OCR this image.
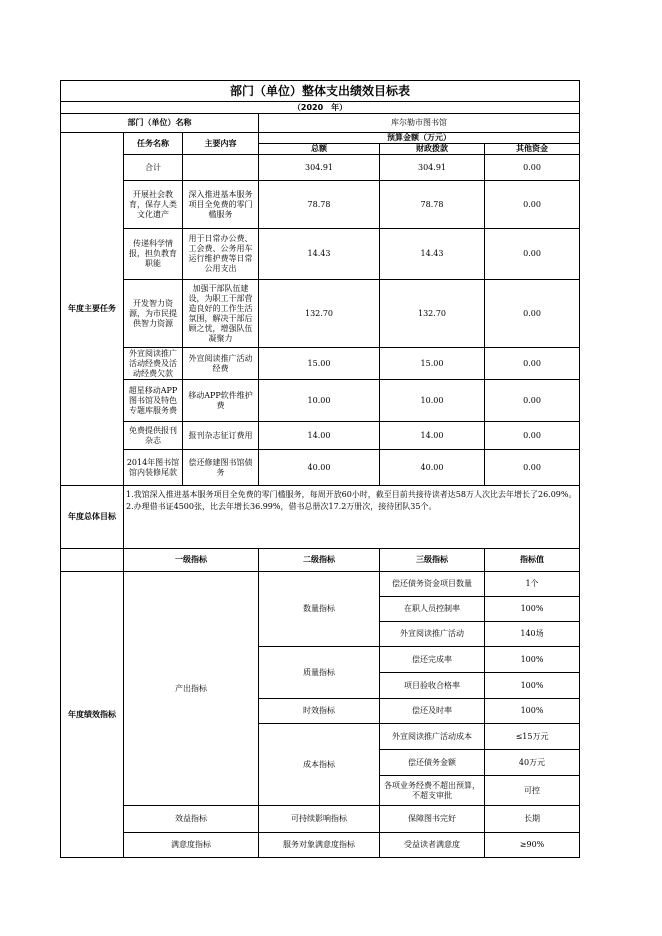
部门（单位）整体支出绩效目标表					
（2020　年）					
部门（单位）名称			库尔勒市图书馆		
年度主要任务	任务名称	主要内容	预算金额（万元）		
			总额	财政拨款	其他资金
	合计		304.91	304.91	0.00
	开展社会教育，保存人类文化遗产	深入推进基本服务项目全免费的零门槛服务	78.78	78.78	0.00
	传递科学情报，担负教育职能	用于日常办公费、工会费、公务用车运行维护费等日常公用支出	14.43	14.43	0.00
	开发智力资源，为市民提供智力资源	加强干部队伍建设，为职工干部营造良好的工作生活氛围，解决干部后顾之忧，增强队伍凝聚力	132.70	132.70	0.00
	外宣阅读推广活动经费及活动经费欠款	外宣阅读推广活动经费	15.00	15.00	0.00
	超星移动APP图书馆及特色专题库服务费	移动APP软件维护费	10.00	10.00	0.00
	免费提供报刊杂志	报刊杂志征订费用	14.00	14.00	0.00
	2014年图书馆馆内装修尾款	偿还修建图书馆债务	40.00	40.00	0.00
年度总体目标	1.我馆深入推进基本服务项目全免费的零门槛服务，每周开放60小时，截至目前共接待读者达58万人次比去年增长了26.09%。
2.办理借书证4500张，比去年增长36.99%，借书总册次17.2万册次，接待团队35个。				

	一级指标		二级指标	三级指标	指标值
年度绩效指标	产出指标		数量指标	偿还债务资金项目数量	1个
				在职人员控制率	100%
				外宣阅读推广活动	140场
			质量指标	偿还完成率	100%
				项目验收合格率	100%
			时效指标	偿还及时率	100%
			成本指标	外宣阅读推广活动成本	≤15万元
				偿还债务金额	40万元
				各项业务经费不超出预算，不超支审批	可控
	效益指标		可持续影响指标	保障图书完好	长期
	满意度指标		服务对象满意度指标	受益读者满意度	≥90%
